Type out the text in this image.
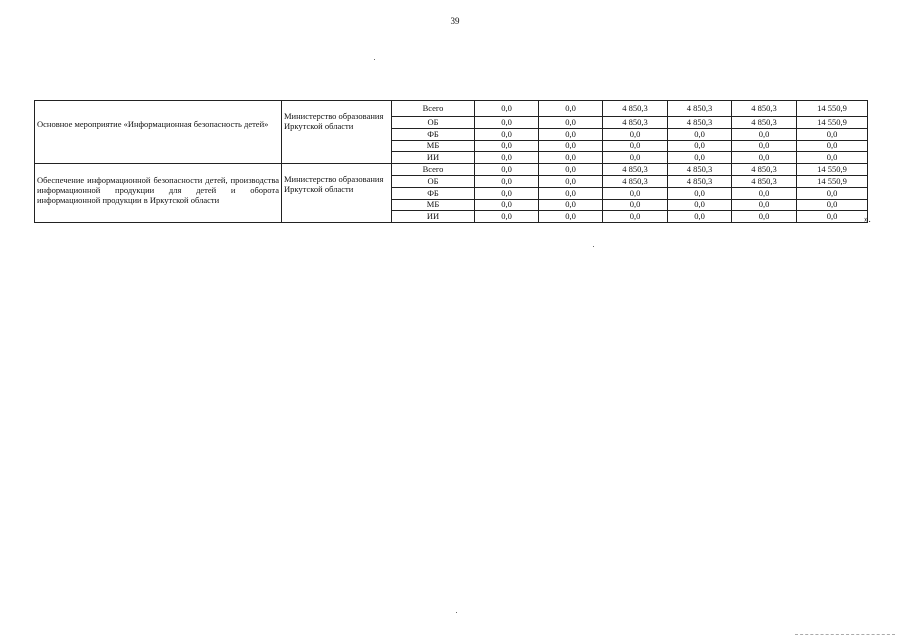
39
Основное мероприятие «Информационная безопасность детей»	Министерство образования Иркутской области	Всего	0,0	0,0	4 850,3	4 850,3	4 850,3	14 550,9
		ОБ	0,0	0,0	4 850,3	4 850,3	4 850,3	14 550,9
		ФБ	0,0	0,0	0,0	0,0	0,0	0,0
		МБ	0,0	0,0	0,0	0,0	0,0	0,0
		ИИ	0,0	0,0	0,0	0,0	0,0	0,0
Обеспечение информационной безопасности детей, производства информационной продукции для детей и оборота информационной продукции в Иркутской области	Министерство образования Иркутской области	Всего	0,0	0,0	4 850,3	4 850,3	4 850,3	14 550,9
		ОБ	0,0	0,0	4 850,3	4 850,3	4 850,3	14 550,9
		ФБ	0,0	0,0	0,0	0,0	0,0	0,0
		МБ	0,0	0,0	0,0	0,0	0,0	0,0
		ИИ	0,0	0,0	0,0	0,0	0,0	0,0	».
